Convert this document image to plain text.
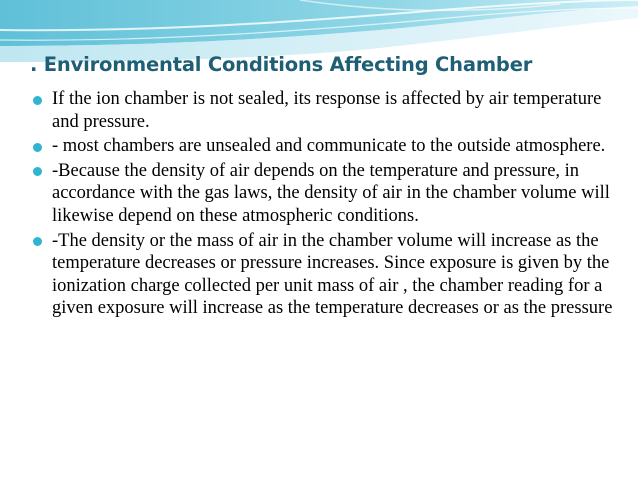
. Environmental Conditions Affecting Chamber
If the ion chamber is not sealed, its response is affected by air temperature and pressure.
- most chambers are unsealed and communicate to the outside atmosphere.
-Because the density of air depends on the temperature and pressure, in accordance with the gas laws, the density of air in the chamber volume will likewise depend on these atmospheric conditions.
-The density or the mass of air in the chamber volume will increase as the temperature decreases or pressure increases. Since exposure is given by the ionization charge collected per unit mass of air , the chamber reading for a given exposure will increase as the temperature decreases or as the pressure
